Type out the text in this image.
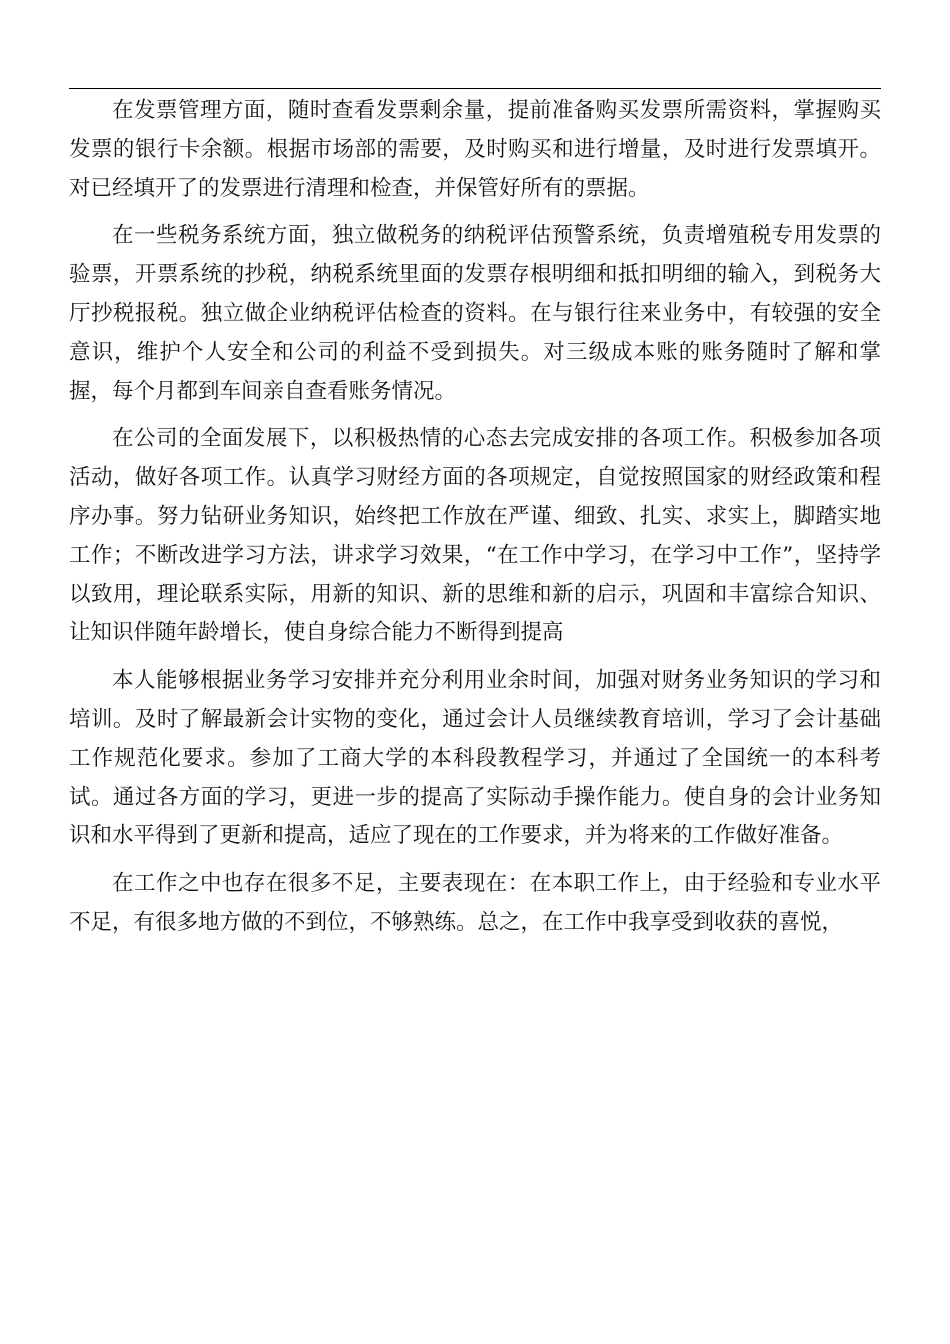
在发票管理方面，随时查看发票剩余量，提前准备购买发票所需资料，掌握购买发票的银行卡余额。根据市场部的需要，及时购买和进行增量，及时进行发票填开。对已经填开了的发票进行清理和检查，并保管好所有的票据。

在一些税务系统方面，独立做税务的纳税评估预警系统，负责增殖税专用发票的验票，开票系统的抄税，纳税系统里面的发票存根明细和抵扣明细的输入，到税务大厅抄税报税。独立做企业纳税评估检查的资料。在与银行往来业务中，有较强的安全意识，维护个人安全和公司的利益不受到损失。对三级成本账的账务随时了解和掌握，每个月都到车间亲自查看账务情况。

在公司的全面发展下，以积极热情的心态去完成安排的各项工作。积极参加各项活动，做好各项工作。认真学习财经方面的各项规定，自觉按照国家的财经政策和程序办事。努力钻研业务知识，始终把工作放在严谨、细致、扎实、求实上，脚踏实地工作；不断改进学习方法，讲求学习效果，“在工作中学习，在学习中工作”，坚持学以致用，理论联系实际，用新的知识、新的思维和新的启示，巩固和丰富综合知识、让知识伴随年龄增长，使自身综合能力不断得到提高

本人能够根据业务学习安排并充分利用业余时间，加强对财务业务知识的学习和培训。及时了解最新会计实物的变化，通过会计人员继续教育培训，学习了会计基础工作规范化要求。参加了工商大学的本科段教程学习，并通过了全国统一的本科考试。通过各方面的学习，更进一步的提高了实际动手操作能力。使自身的会计业务知识和水平得到了更新和提高，适应了现在的工作要求，并为将来的工作做好准备。

在工作之中也存在很多不足，主要表现在：在本职工作上，由于经验和专业水平不足，有很多地方做的不到位，不够熟练。总之，在工作中我享受到收获的喜悦，
